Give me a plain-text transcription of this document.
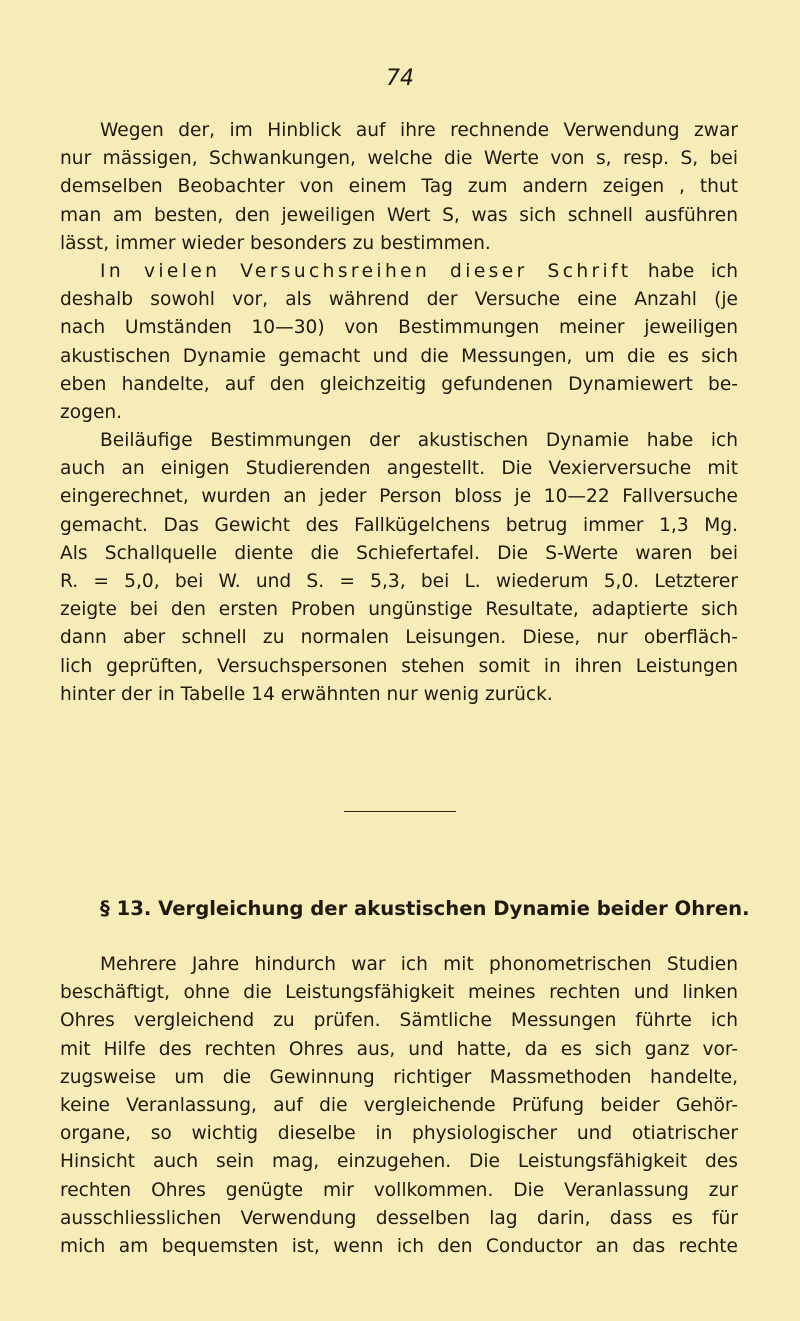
74
Wegen der, im Hinblick auf ihre rechnende Verwendung zwar
nur mässigen, Schwankungen, welche die Werte von s, resp. S, bei
demselben Beobachter von einem Tag zum andern zeigen , thut
man am besten, den jeweiligen Wert S, was sich schnell ausführen
lässt, immer wieder besonders zu bestimmen.
In vielen Versuchsreihen dieser Schrift habe ich
deshalb sowohl vor, als während der Versuche eine Anzahl (je
nach Umständen 10—30) von Bestimmungen meiner jeweiligen
akustischen Dynamie gemacht und die Messungen, um die es sich
eben handelte, auf den gleichzeitig gefundenen Dynamiewert be-
zogen.
Beiläufige Bestimmungen der akustischen Dynamie habe ich
auch an einigen Studierenden angestellt. Die Vexierversuche mit
eingerechnet, wurden an jeder Person bloss je 10—22 Fallversuche
gemacht. Das Gewicht des Fallkügelchens betrug immer 1,3 Mg.
Als Schallquelle diente die Schiefertafel. Die S-Werte waren bei
R. = 5,0, bei W. und S. = 5,3, bei L. wiederum 5,0. Letzterer
zeigte bei den ersten Proben ungünstige Resultate, adaptierte sich
dann aber schnell zu normalen Leisungen. Diese, nur oberfläch-
lich geprüften, Versuchspersonen stehen somit in ihren Leistungen
hinter der in Tabelle 14 erwähnten nur wenig zurück.
§ 13. Vergleichung der akustischen Dynamie beider Ohren.
Mehrere Jahre hindurch war ich mit phonometrischen Studien
beschäftigt, ohne die Leistungsfähigkeit meines rechten und linken
Ohres vergleichend zu prüfen. Sämtliche Messungen führte ich
mit Hilfe des rechten Ohres aus, und hatte, da es sich ganz vor-
zugsweise um die Gewinnung richtiger Massmethoden handelte,
keine Veranlassung, auf die vergleichende Prüfung beider Gehör-
organe, so wichtig dieselbe in physiologischer und otiatrischer
Hinsicht auch sein mag, einzugehen. Die Leistungsfähigkeit des
rechten Ohres genügte mir vollkommen. Die Veranlassung zur
ausschliesslichen Verwendung desselben lag darin, dass es für
mich am bequemsten ist, wenn ich den Conductor an das rechte
